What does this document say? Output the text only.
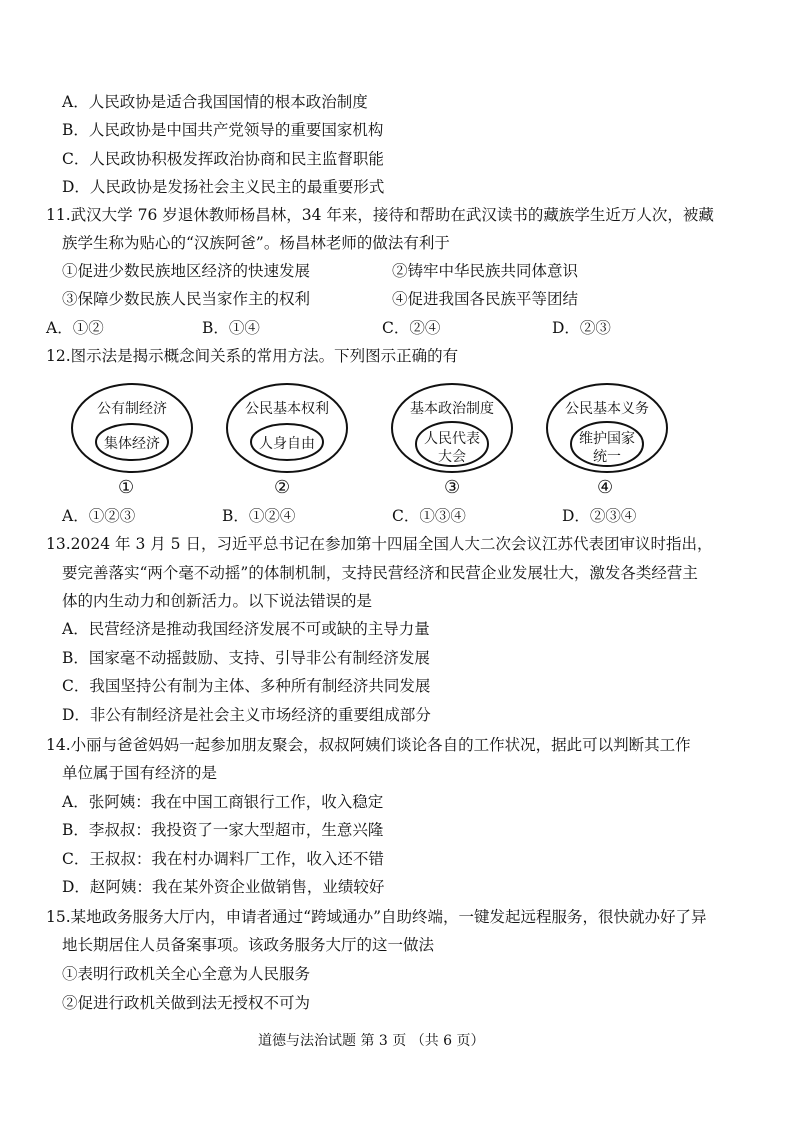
A．人民政协是适合我国国情的根本政治制度
B．人民政协是中国共产党领导的重要国家机构
C．人民政协积极发挥政治协商和民主监督职能
D．人民政协是发扬社会主义民主的最重要形式
11.武汉大学 76 岁退休教师杨昌林，34 年来，接待和帮助在武汉读书的藏族学生近万人次，被藏
族学生称为贴心的“汉族阿爸”。杨昌林老师的做法有利于
①促进少数民族地区经济的快速发展	②铸牢中华民族共同体意识
③保障少数民族人民当家作主的权利	④促进我国各民族平等团结
A．①②	B．①④	C．②④	D．②③
12.图示法是揭示概念间关系的常用方法。下列图示正确的有
公有制经济
集体经济
①
公民基本权利
人身自由
②
基本政治制度
人民代表
大会
③
公民基本义务
维护国家
统一
④
A．①②③	B．①②④	C．①③④	D．②③④
13.2024 年 3 月 5 日，习近平总书记在参加第十四届全国人大二次会议江苏代表团审议时指出，
要完善落实“两个毫不动摇”的体制机制，支持民营经济和民营企业发展壮大，激发各类经营主
体的内生动力和创新活力。以下说法错误的是
A．民营经济是推动我国经济发展不可或缺的主导力量
B．国家毫不动摇鼓励、支持、引导非公有制经济发展
C．我国坚持公有制为主体、多种所有制经济共同发展
D．非公有制经济是社会主义市场经济的重要组成部分
14.小丽与爸爸妈妈一起参加朋友聚会，叔叔阿姨们谈论各自的工作状况，据此可以判断其工作
单位属于国有经济的是
A．张阿姨：我在中国工商银行工作，收入稳定
B．李叔叔：我投资了一家大型超市，生意兴隆
C．王叔叔：我在村办调料厂工作，收入还不错
D．赵阿姨：我在某外资企业做销售，业绩较好
15.某地政务服务大厅内，申请者通过“跨域通办”自助终端，一键发起远程服务，很快就办好了异
地长期居住人员备案事项。该政务服务大厅的这一做法
①表明行政机关全心全意为人民服务
②促进行政机关做到法无授权不可为
道德与法治试题 第 3 页 （共 6 页）
